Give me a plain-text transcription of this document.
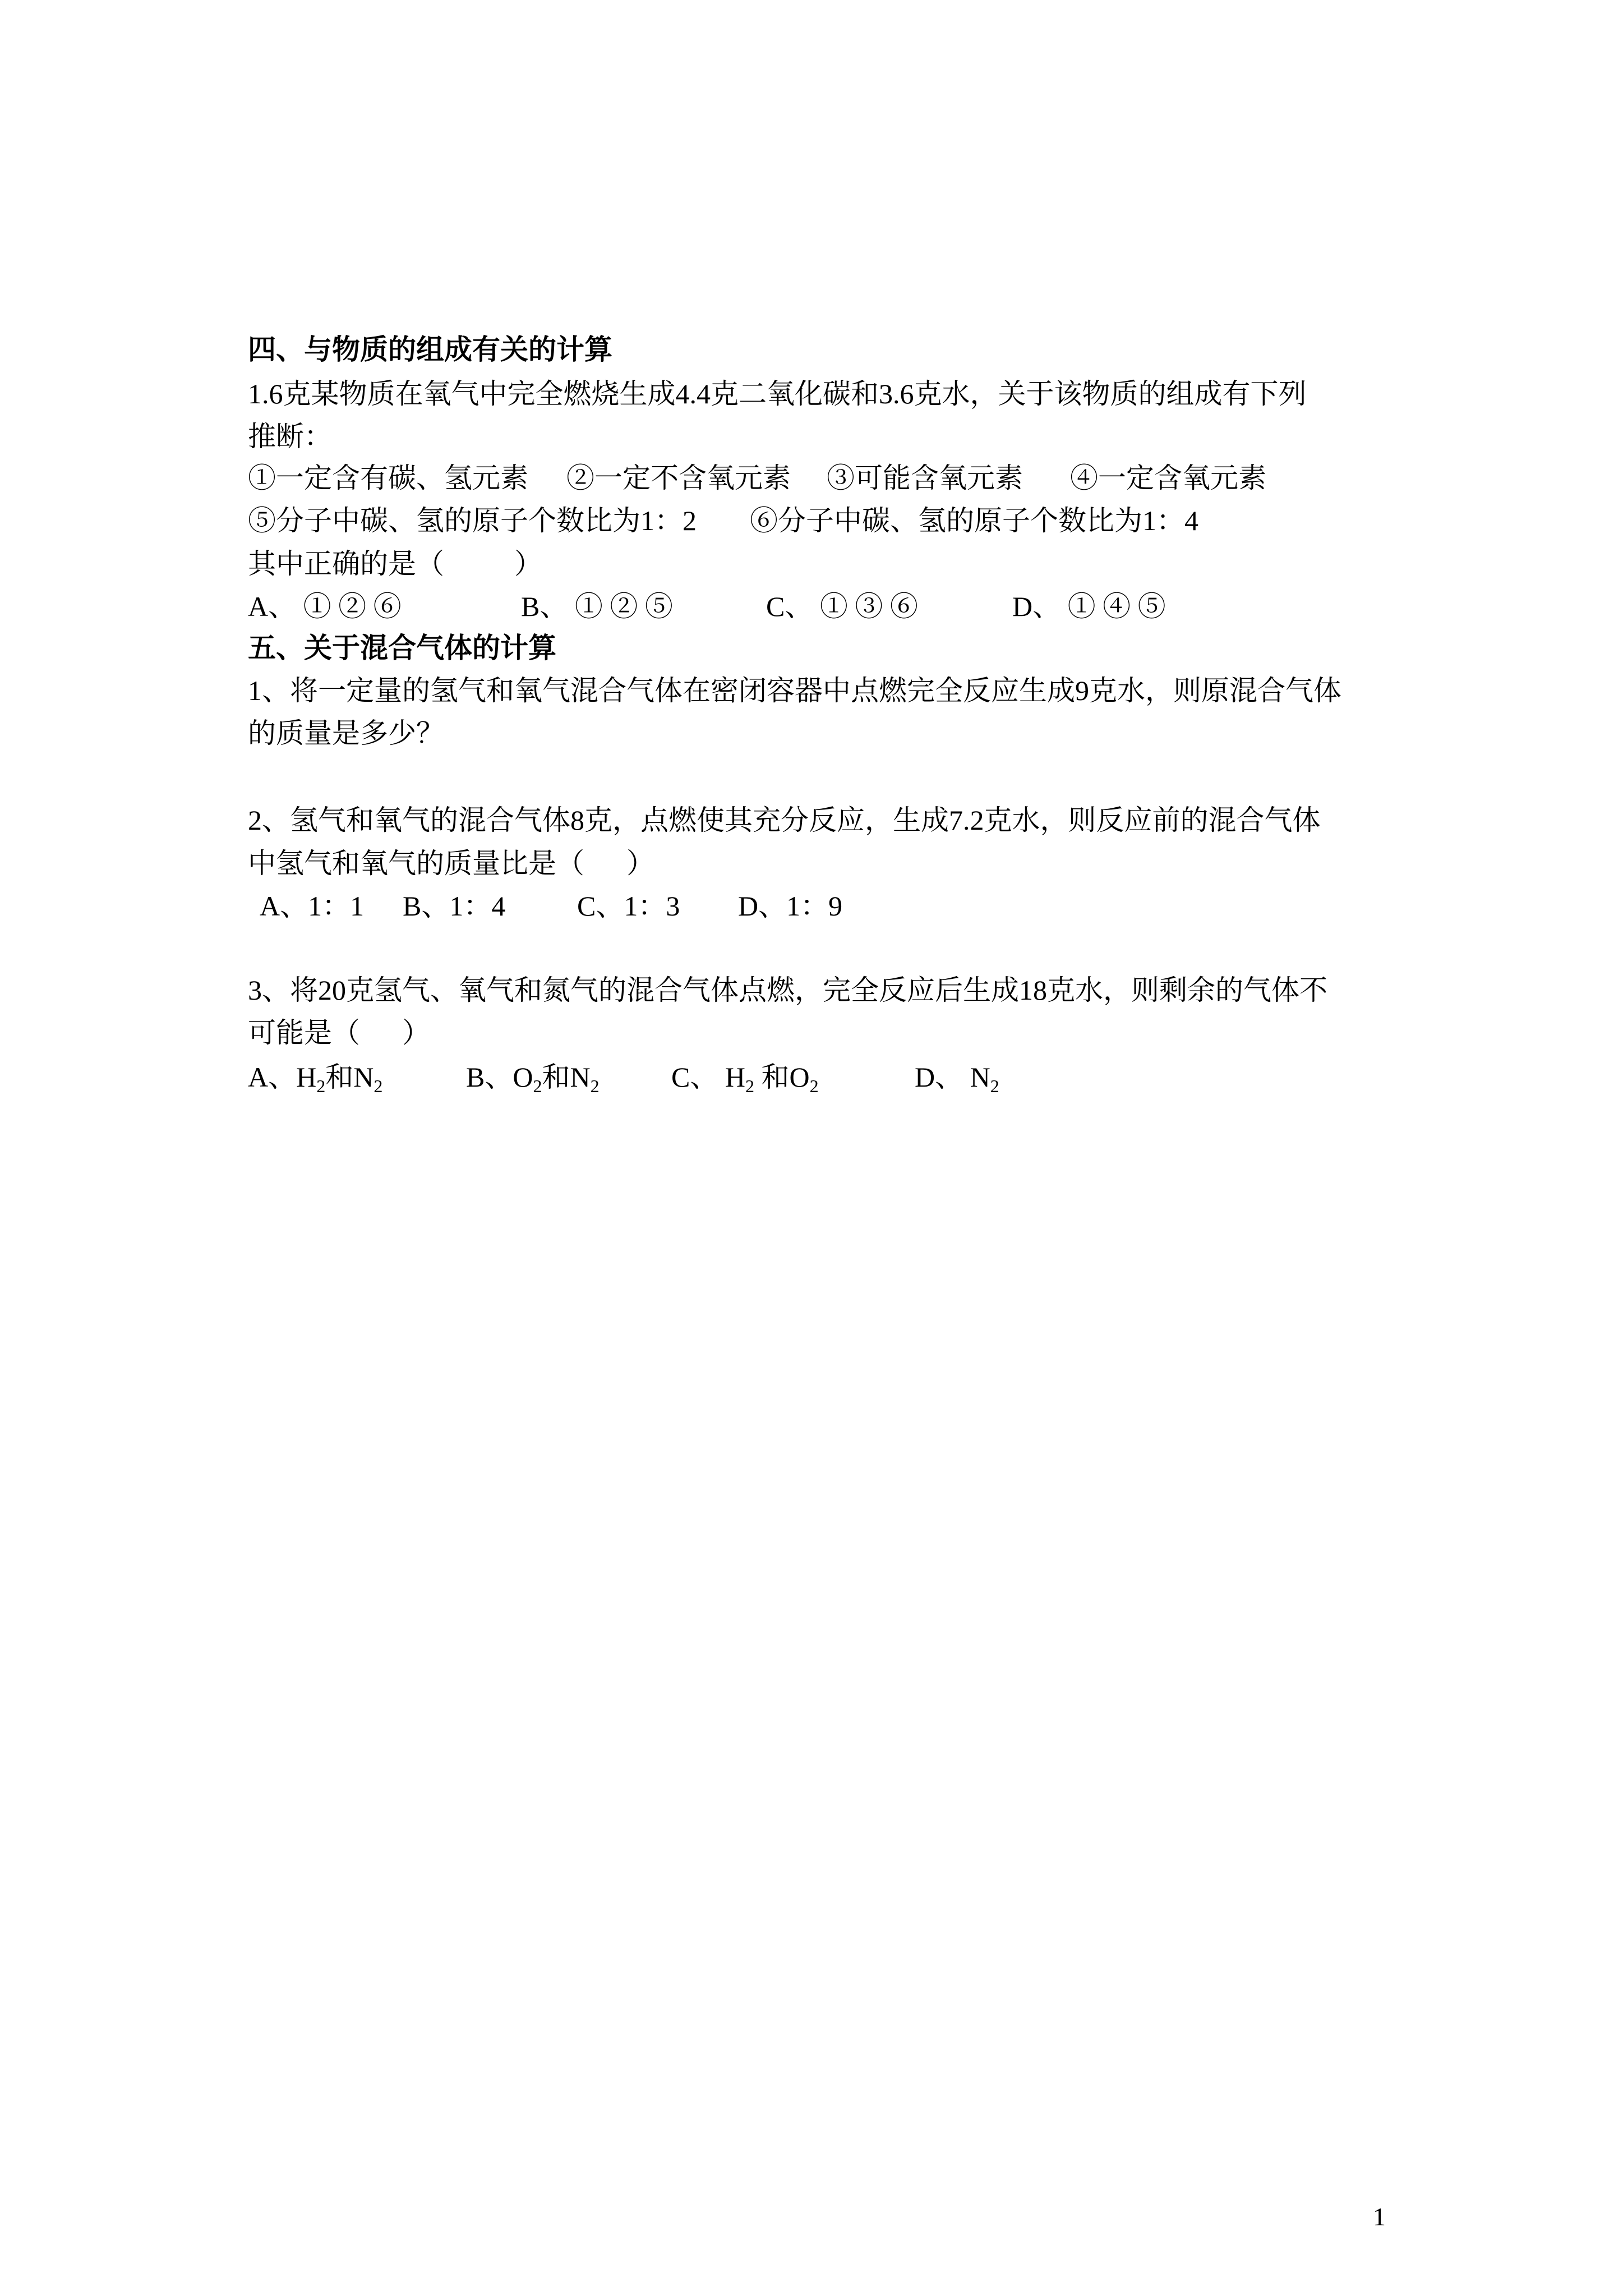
四、与物质的组成有关的计算
1.6克某物质在氧气中完全燃烧生成4.4克二氧化碳和3.6克水，关于该物质的组成有下列
推断：

①一定含有碳、氢元素

②一定不含氧元素

③可能含氧元素

④一定含氧元素

⑤分子中碳、氢的原子个数比为1：2

⑥分子中碳、氢的原子个数比为1：4

其中正确的是（          ）

A、 ① ② ⑥

	B、 ① ② ⑤

	C、 ① ③ ⑥

	D、 ① ④ ⑤

五、关于混合气体的计算
1、将一定量的氢气和氧气混合气体在密闭容器中点燃完全反应生成9克水，则原混合气体
的质量是多少？
2、氢气和氧气的混合气体8克，点燃使其充分反应，生成7.2克水，则反应前的混合气体
中氢气和氧气的质量比是（      ）

A、1：1

B、1：4

	C、1：3

D、1：9

3、将20克氢气、氧气和氮气的混合气体点燃，完全反应后生成18克水，则剩余的气体不
可能是（      ）

A、$H_2$和$N_2$

	B、$O_2$和$N_2$

	C、 $H_2$ 和$O_2$

	D、 $N_2$

1
